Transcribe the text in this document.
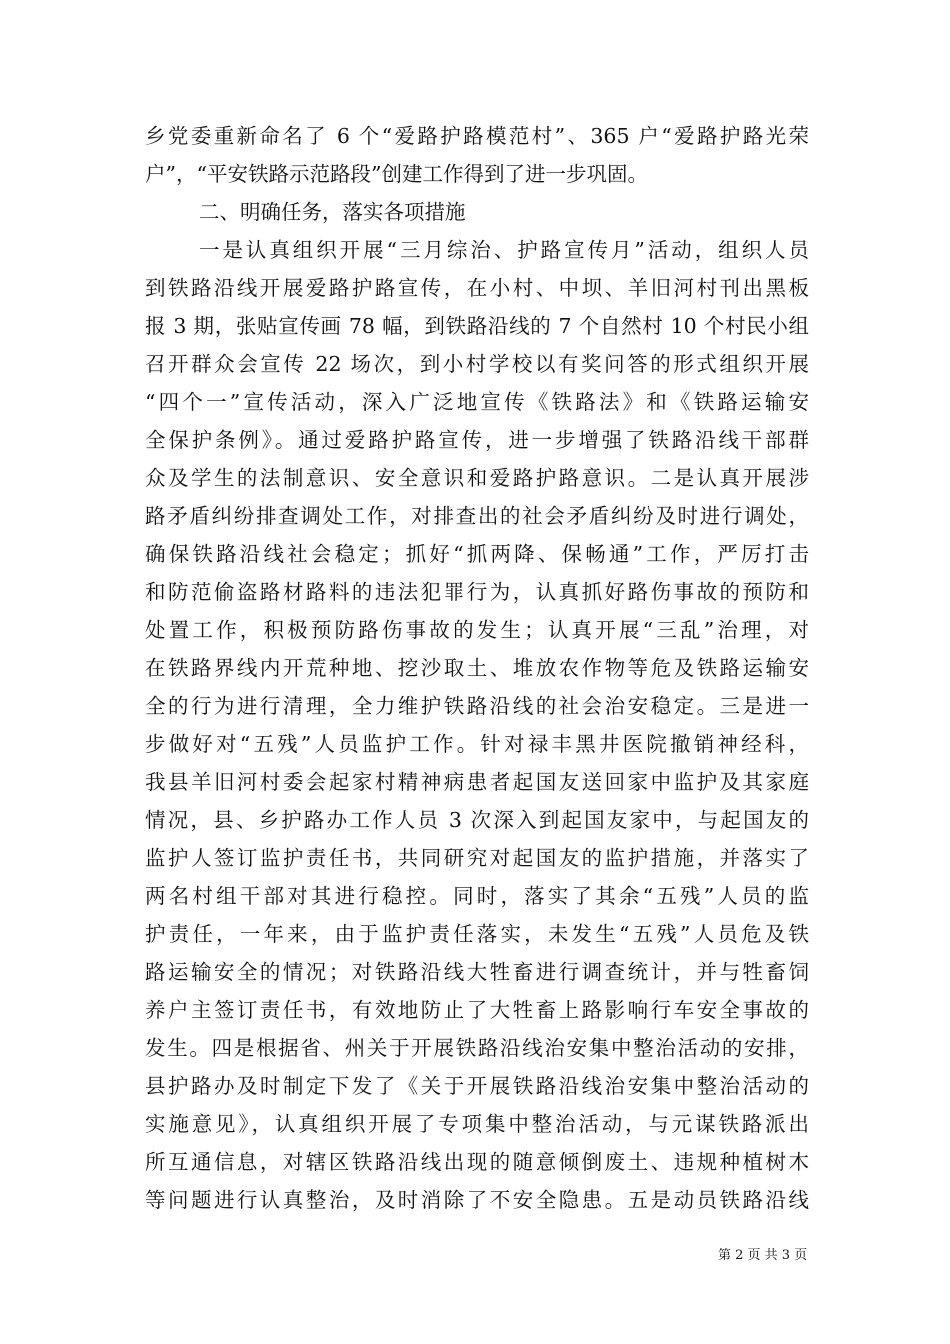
乡党委重新命名了 6 个“爱路护路模范村”、365 户“爱路护路光荣
户”，“平安铁路示范路段”创建工作得到了进一步巩固。
二、明确任务，落实各项措施
一是认真组织开展“三月综治、护路宣传月”活动，组织人员
到铁路沿线开展爱路护路宣传，在小村、中坝、羊旧河村刊出黑板
报 3 期，张贴宣传画 78 幅，到铁路沿线的 7 个自然村 10 个村民小组
召开群众会宣传 22 场次，到小村学校以有奖问答的形式组织开展
“四个一”宣传活动，深入广泛地宣传《铁路法》和《铁路运输安
全保护条例》。通过爱路护路宣传，进一步增强了铁路沿线干部群
众及学生的法制意识、安全意识和爱路护路意识。二是认真开展涉
路矛盾纠纷排查调处工作，对排查出的社会矛盾纠纷及时进行调处，
确保铁路沿线社会稳定；抓好“抓两降、保畅通”工作，严厉打击
和防范偷盗路材路料的违法犯罪行为，认真抓好路伤事故的预防和
处置工作，积极预防路伤事故的发生；认真开展“三乱”治理，对
在铁路界线内开荒种地、挖沙取土、堆放农作物等危及铁路运输安
全的行为进行清理，全力维护铁路沿线的社会治安稳定。三是进一
步做好对“五残”人员监护工作。针对禄丰黑井医院撤销神经科，
我县羊旧河村委会起家村精神病患者起国友送回家中监护及其家庭
情况，县、乡护路办工作人员 3 次深入到起国友家中，与起国友的
监护人签订监护责任书，共同研究对起国友的监护措施，并落实了
两名村组干部对其进行稳控。同时，落实了其余“五残”人员的监
护责任，一年来，由于监护责任落实，未发生“五残”人员危及铁
路运输安全的情况；对铁路沿线大牲畜进行调查统计，并与牲畜饲
养户主签订责任书，有效地防止了大牲畜上路影响行车安全事故的
发生。四是根据省、州关于开展铁路沿线治安集中整治活动的安排，
县护路办及时制定下发了《关于开展铁路沿线治安集中整治活动的
实施意见》，认真组织开展了专项集中整治活动，与元谋铁路派出
所互通信息，对辖区铁路沿线出现的随意倾倒废土、违规种植树木
等问题进行认真整治，及时消除了不安全隐患。五是动员铁路沿线
第 2 页 共 3 页
